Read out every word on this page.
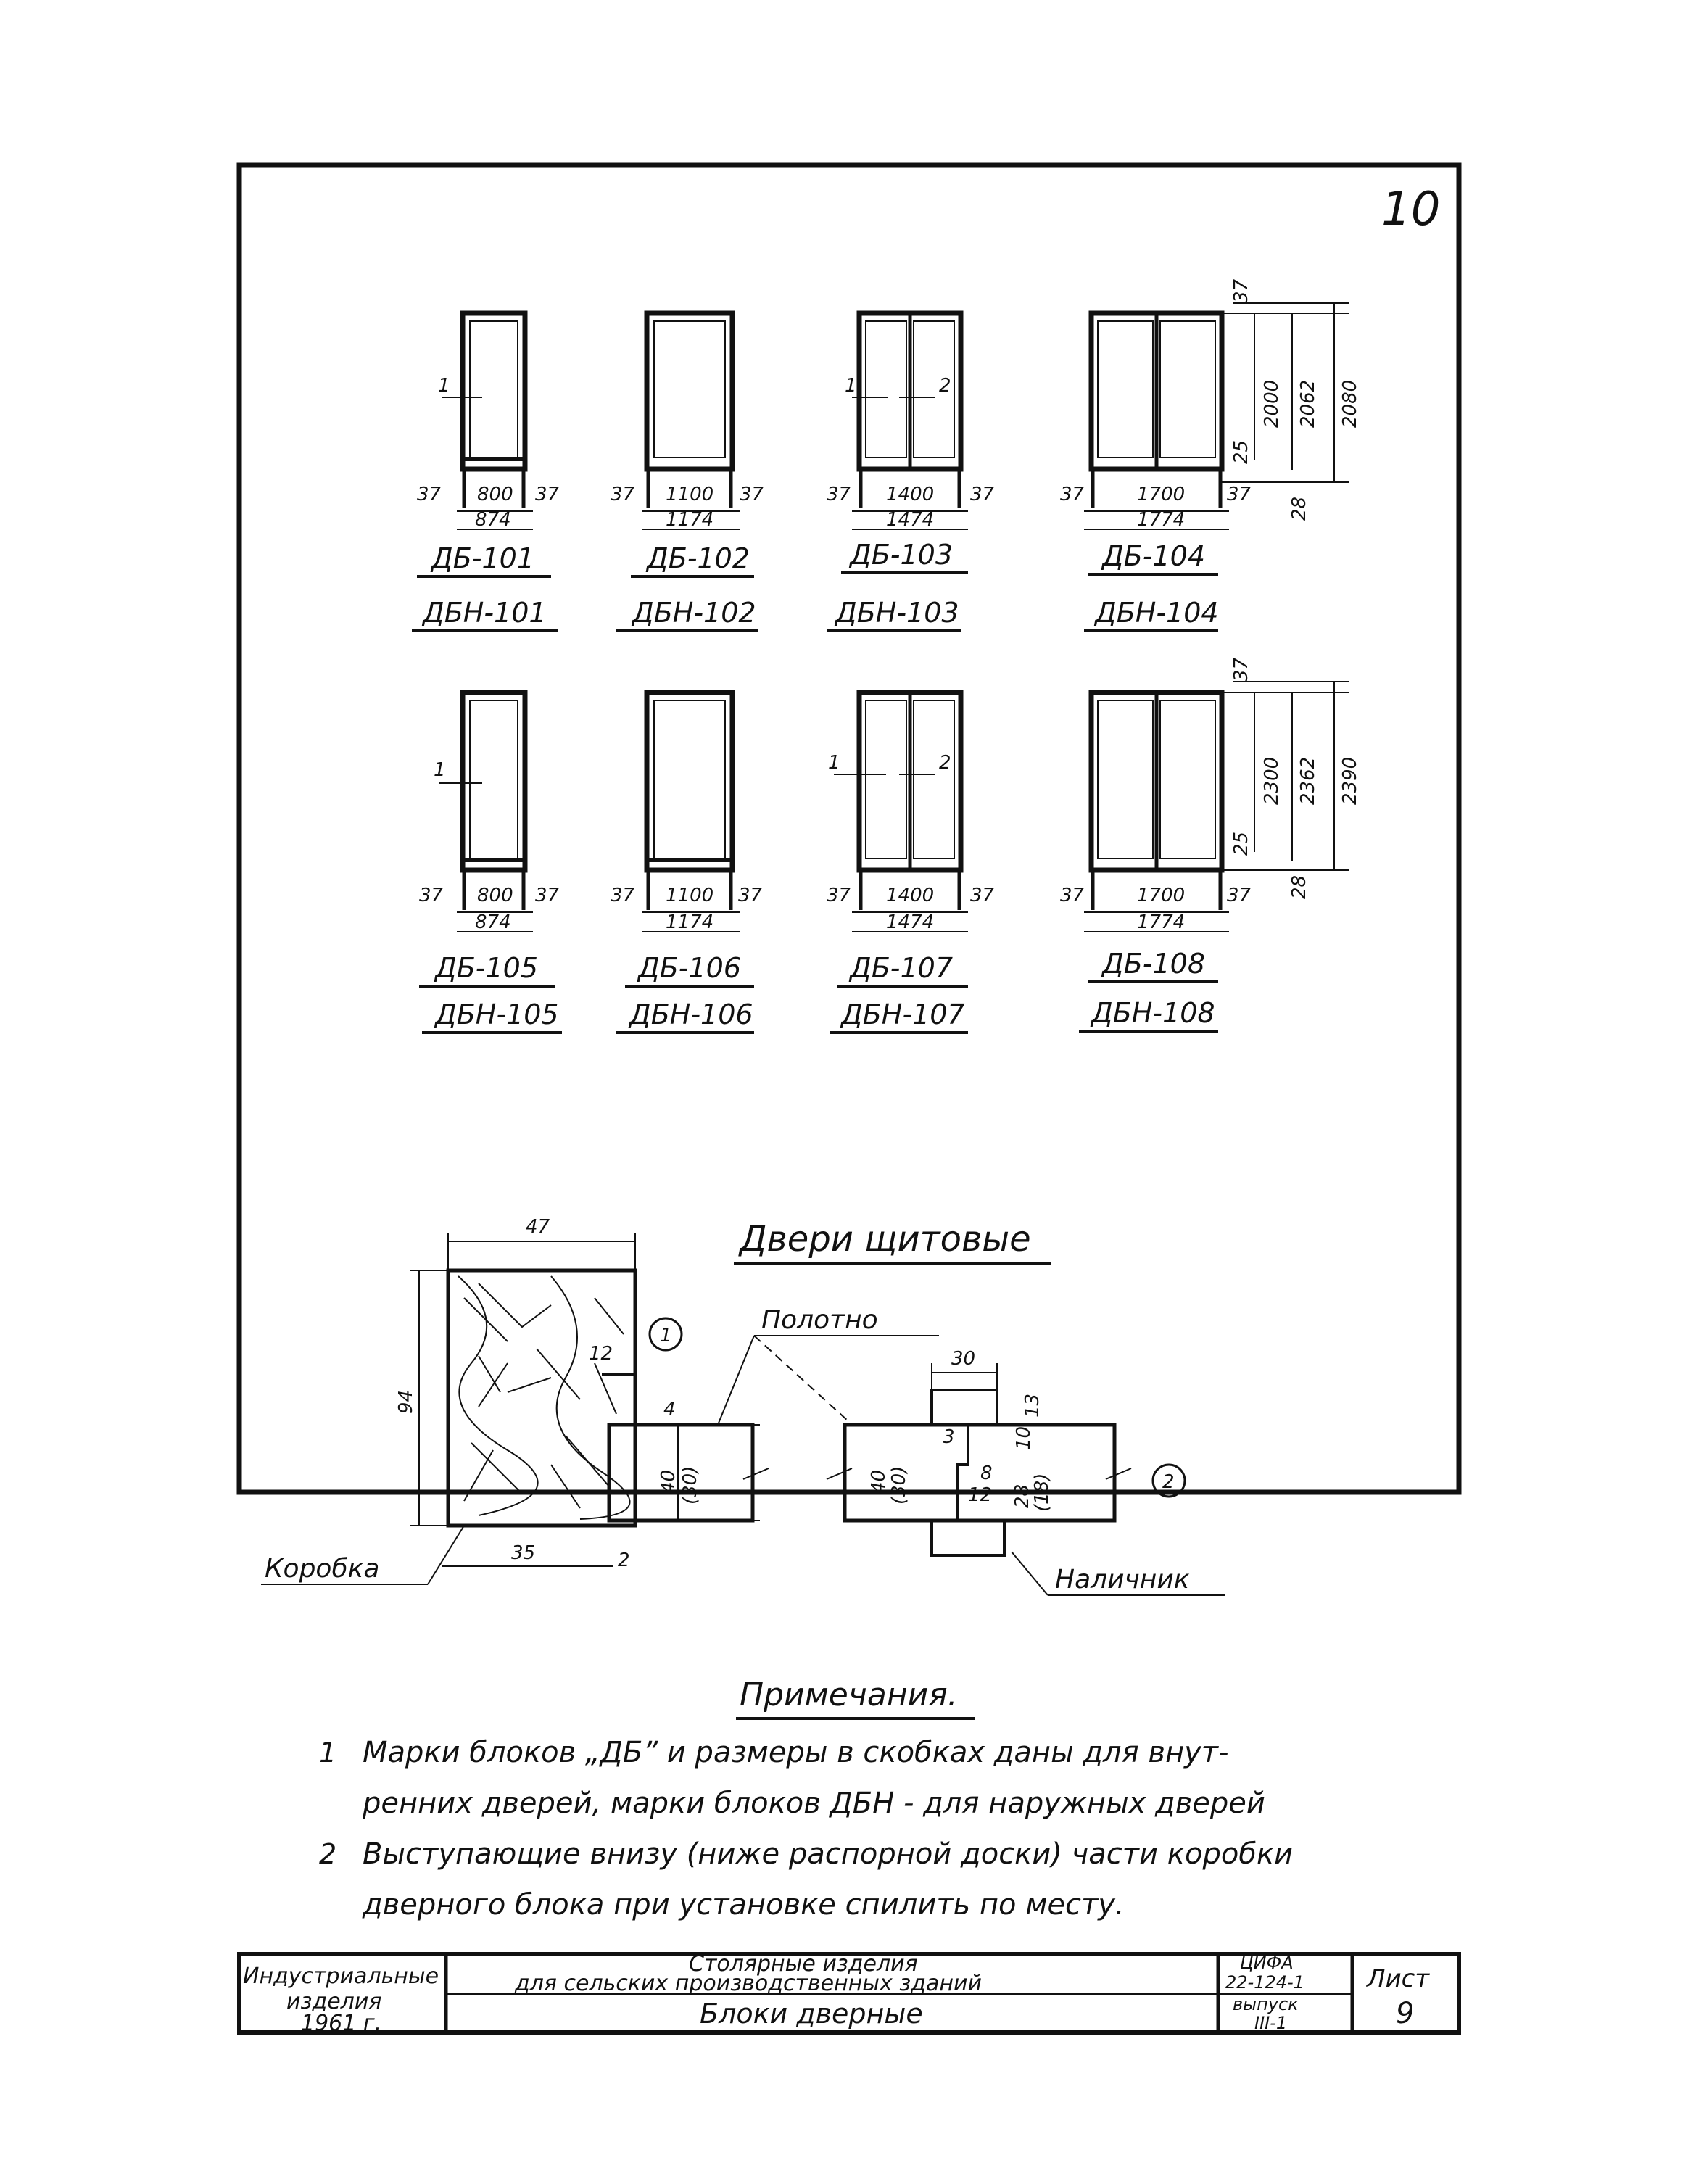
10
1
37 800 37
874
ДБ-101
ДБН-101
37 1100 37
1174
ДБ-102
ДБН-102
1	2
37 1400 37
1474
ДБ-103
ДБН-103
37	1700 37
1774
ДБ-104
ДБН-104
37
2000 2062 2080
25
28
1
37 800 37
874
ДБ-105
ДБН-105
37 1100 37
1174
ДБ-106
ДБН-106
1	2
37 1400 37
1474
ДБ-107
ДБН-107
37	1700 37
1774
ДБ-108
ДБН-108
37
2300 2362 2390
25
28
Двери щитовые
47
94
35	2
12
Коробка
4
40 (30)
1
Полотно
30
40
(30)
10
13
28
(18)
8
12
3
2
Наличник
Примечания.
1 Марки блоков „ДБ” и размеры в скобках даны для внут-
ренних дверей, марки блоков ДБН - для наружных дверей
2 Выступающие внизу (ниже распорной доски) части коробки
дверного блока при установке спилить по месту.
Индустриальные
изделия
1961 г.
Столярные изделия
для сельских производственных зданий
Блоки дверные
ЦИФА
22-124-1
выпуск
III-1
Лист
9
